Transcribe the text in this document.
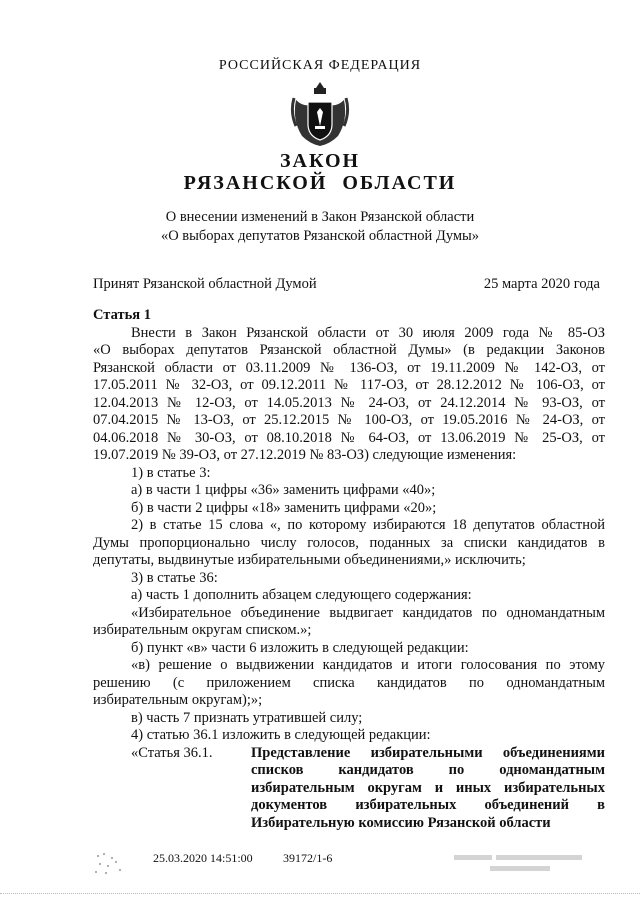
РОССИЙСКАЯ ФЕДЕРАЦИЯ
ЗАКОН
РЯЗАНСКОЙ ОБЛАСТИ
О внесении изменений в Закон Рязанской области
«О выборах депутатов Рязанской областной Думы»
Принят Рязанской областной Думой	25 марта 2020 года

Статья 1

Внести в Закон Рязанской области от 30 июля 2009 года № 85-ОЗ

«О выборах депутатов Рязанской областной Думы» (в редакции Законов

Рязанской области от 03.11.2009 № 136-ОЗ, от 19.11.2009 № 142-ОЗ, от

17.05.2011 № 32-ОЗ, от 09.12.2011 № 117-ОЗ, от 28.12.2012 № 106-ОЗ, от

12.04.2013 № 12-ОЗ, от 14.05.2013 № 24-ОЗ, от 24.12.2014 № 93-ОЗ, от

07.04.2015 № 13-ОЗ, от 25.12.2015 № 100-ОЗ, от 19.05.2016 № 24-ОЗ, от

04.06.2018 № 30-ОЗ, от 08.10.2018 № 64-ОЗ, от 13.06.2019 № 25-ОЗ, от

19.07.2019 № 39-ОЗ, от 27.12.2019 № 83-ОЗ) следующие изменения:

1) в статье 3:

а) в части 1 цифры «36» заменить цифрами «40»;

б) в части 2 цифры «18» заменить цифрами «20»;

2) в статье 15 слова «, по которому избираются 18 депутатов областной

Думы пропорционально числу голосов, поданных за списки кандидатов в

депутаты, выдвинутые избирательными объединениями,» исключить;

3) в статье 36:

а) часть 1 дополнить абзацем следующего содержания:

«Избирательное объединение выдвигает кандидатов по одномандатным

избирательным округам списком.»;

б) пункт «в» части 6 изложить в следующей редакции:

«в) решение о выдвижении кандидатов и итоги голосования по этому

решению (с приложением списка кандидатов по одномандатным

избирательным округам);»;

в) часть 7 признать утратившей силу;

4) статью 36.1 изложить в следующей редакции:

«Статья 36.1.	Представление избирательными объединениями

списков кандидатов по одномандатным

избирательным округам и иных избирательных

документов избирательных объединений в

Избирательную комиссию Рязанской области

25.03.2020 14:51:00	39172/1-6
